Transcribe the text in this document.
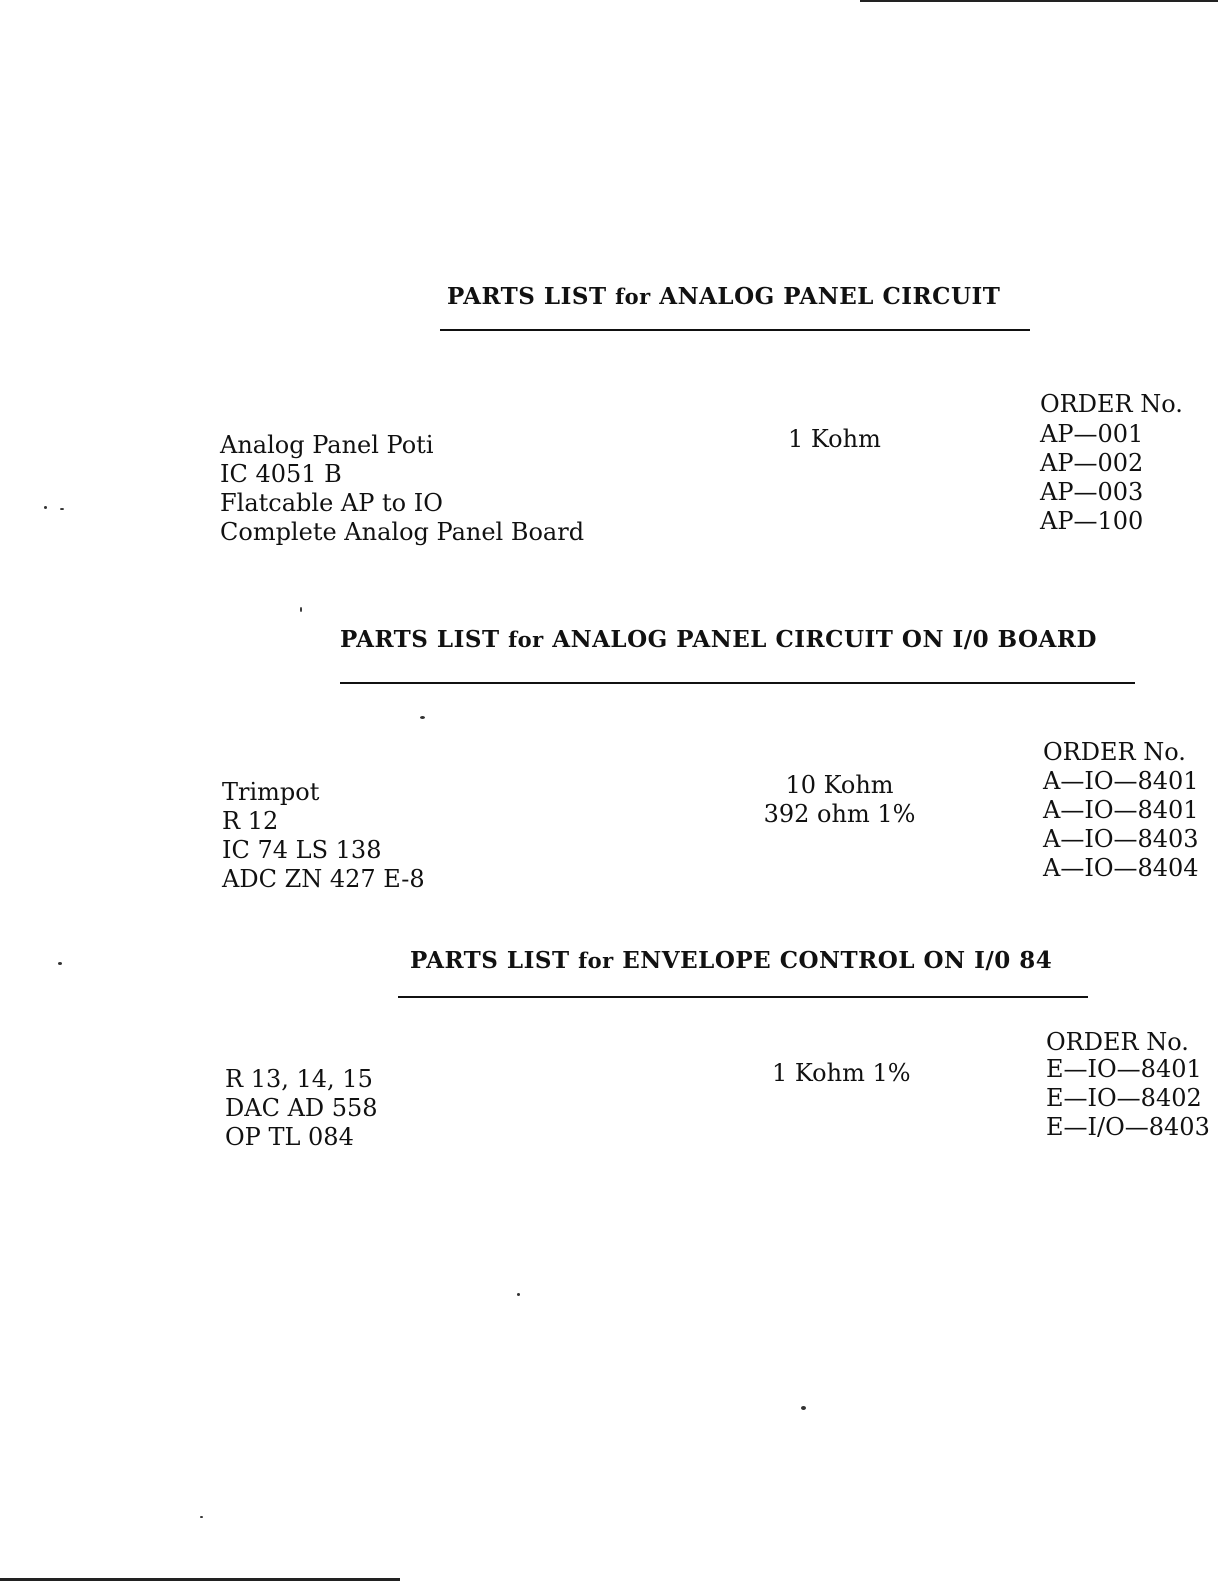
PARTS LIST for ANALOG PANEL CIRCUIT
ORDER No.
Analog Panel Poti
IC 4051 B
Flatcable AP to IO
Complete Analog Panel Board
1 Kohm	AP—001
AP—002
AP—003
AP—100
PARTS LIST for ANALOG PANEL CIRCUIT ON I/0 BOARD
ORDER No.
Trimpot
R 12
IC 74 LS 138
ADC ZN 427 E-8
10 Kohm
392 ohm 1%
A—IO—8401
A—IO—8401
A—IO—8403
A—IO—8404
PARTS LIST for ENVELOPE CONTROL ON I/0 84
ORDER No.
R 13, 14, 15
DAC AD 558
OP TL 084
1 Kohm 1%	E—IO—8401
E—IO—8402
E—I/O—8403
